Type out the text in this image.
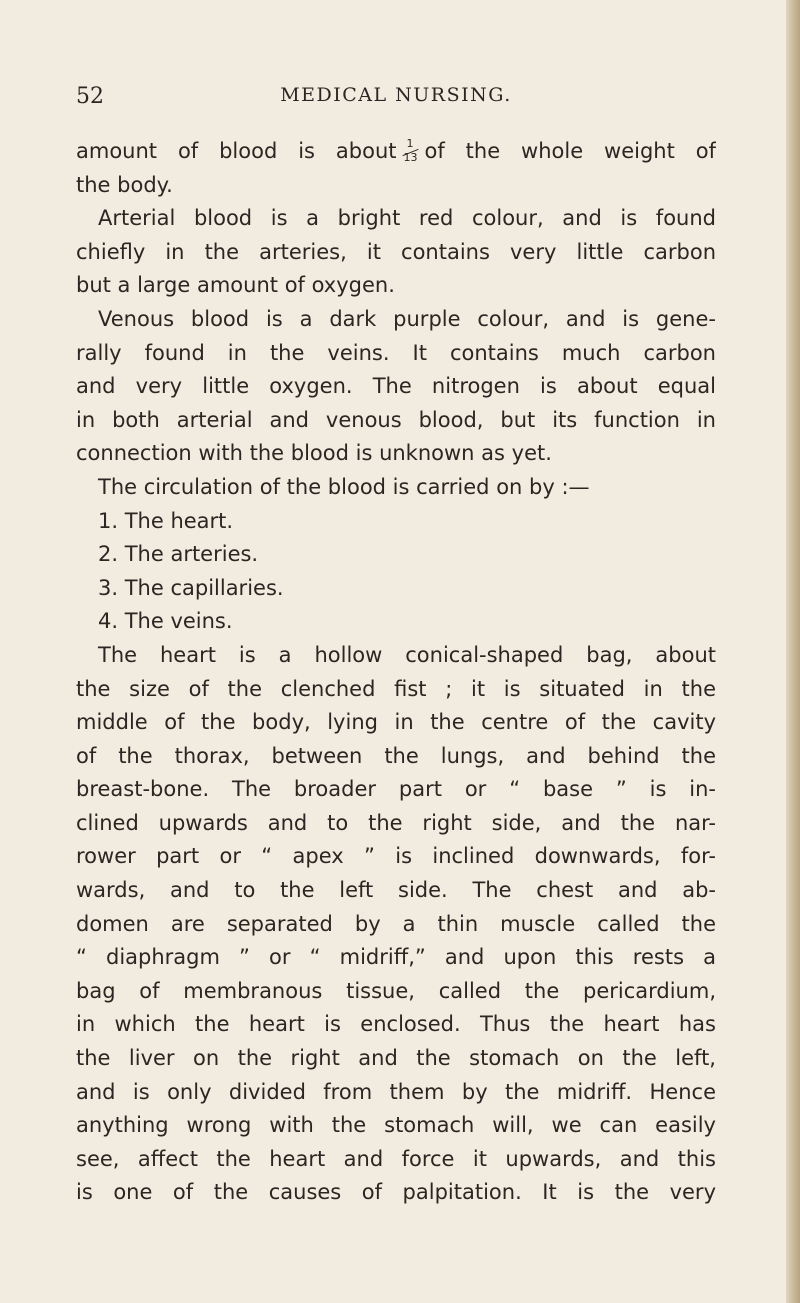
52	MEDICAL NURSING.
amount of blood is about 1
13 of the whole weight of
the body.
Arterial blood is a bright red colour, and is found
chiefly in the arteries, it contains very little carbon
but a large amount of oxygen.
Venous blood is a dark purple colour, and is gene-
rally found in the veins. It contains much carbon
and very little oxygen. The nitrogen is about equal
in both arterial and venous blood, but its function in
connection with the blood is unknown as yet.
The circulation of the blood is carried on by :—
1. The heart.
2. The arteries.
3. The capillaries.
4. The veins.
The heart is a hollow conical-shaped bag, about
the size of the clenched fist ; it is situated in the
middle of the body, lying in the centre of the cavity
of the thorax, between the lungs, and behind the
breast-bone. The broader part or “ base ” is in-
clined upwards and to the right side, and the nar-
rower part or “ apex ” is inclined downwards, for-
wards, and to the left side. The chest and ab-
domen are separated by a thin muscle called the
“ diaphragm ” or “ midriff,” and upon this rests a
bag of membranous tissue, called the pericardium,
in which the heart is enclosed. Thus the heart has
the liver on the right and the stomach on the left,
and is only divided from them by the midriff. Hence
anything wrong with the stomach will, we can easily
see, affect the heart and force it upwards, and this
is one of the causes of palpitation. It is the very
